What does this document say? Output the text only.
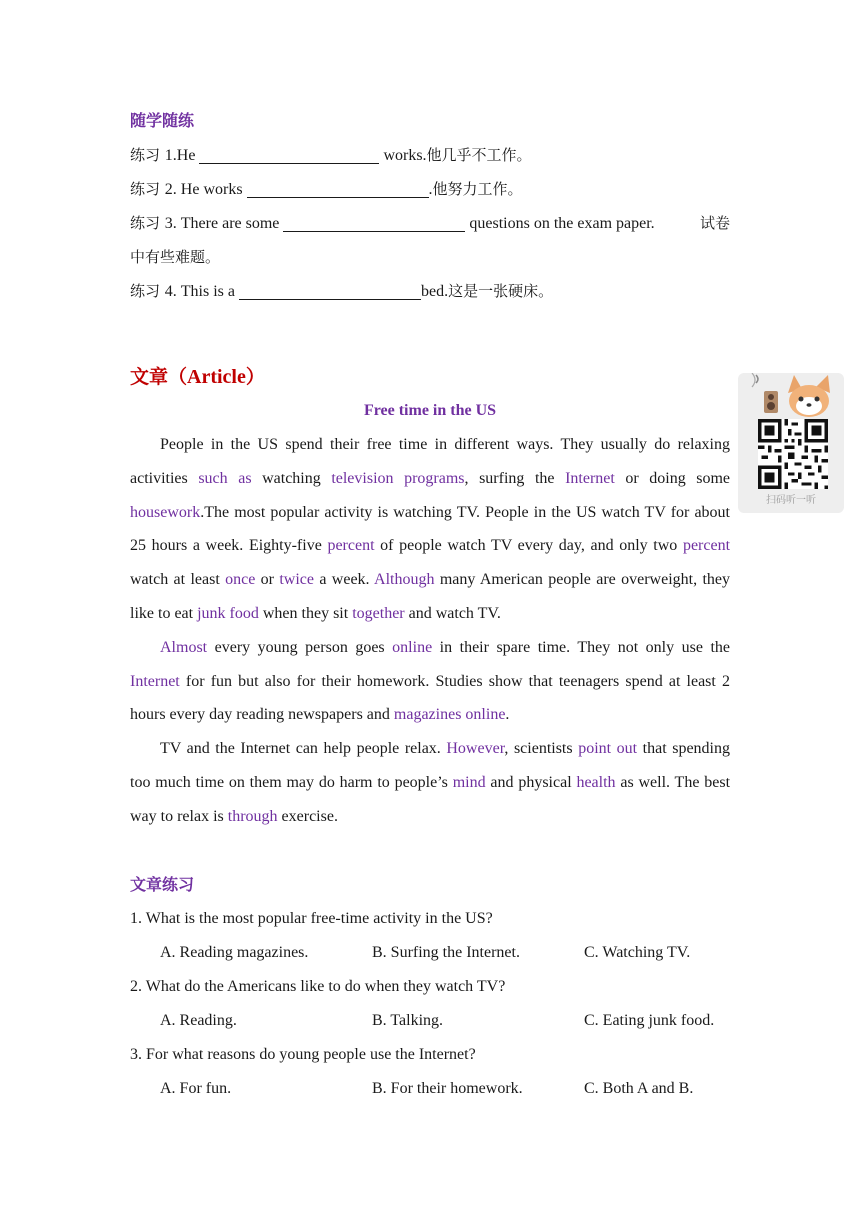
随学随练
练习 1.He	works.他几乎不工作。
练习 2. He works	.他努力工作。
练习 3. There are some	questions on the exam paper.	试卷
中有些难题。
练习 4. This is a	bed.这是一张硬床。
文章（Article）
Free time in the US

People in the US spend their free time in different ways. They usually do relaxing activities such as watching television programs, surfing the Internet or doing some housework.The most popular activity is watching TV. People in the US watch TV for about 25 hours a week. Eighty-five percent of people watch TV every day, and only two percent watch at least once or twice a week. Although many American people are overweight, they like to eat junk food when they sit together and watch TV.

Almost every young person goes online in their spare time. They not only use the Internet for fun but also for their homework. Studies show that teenagers spend at least 2 hours every day reading newspapers and magazines online.

TV and the Internet can help people relax. However, scientists point out that spending too much time on them may do harm to people’s mind and physical health as well. The best way to relax is through exercise.

文章练习
1. What is the most popular free-time activity in the US?
A. Reading magazines.	B. Surfing the Internet.	C. Watching TV.
2. What do the Americans like to do when they watch TV?
A. Reading.	B. Talking.	C. Eating junk food.
3. For what reasons do young people use the Internet?
A. For fun.	B. For their homework.	C. Both A and B.
扫码听一听
